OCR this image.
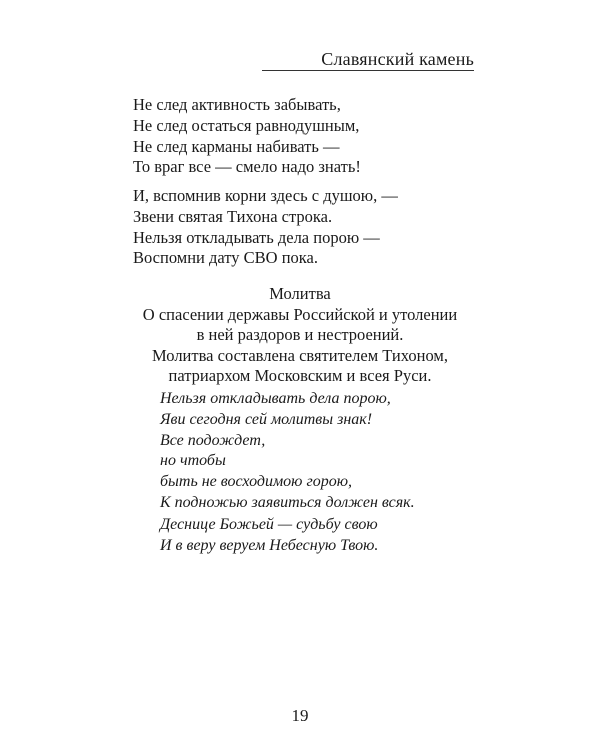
Славянский камень
Не след активность забывать,
Не след остаться равнодушным,
Не след карманы набивать —
То враг все — смело надо знать!
И, вспомнив корни здесь с душою, —
Звени святая Тихона строка.
Нельзя откладывать дела порою —
Воспомни дату СВО пока.
Молитва
О спасении державы Российской и утолении
в ней раздоров и нестроений.
Молитва составлена святителем Тихоном,
патриархом Московским и всея Руси.
Нельзя откладывать дела порою,
Яви сегодня сей молитвы знак!
Все подождет,
но чтобы
быть не восходимою горою,
К подножью заявиться должен всяк.
Деснице Божьей — судьбу свою
И в веру веруем Небесную Твою.
19
